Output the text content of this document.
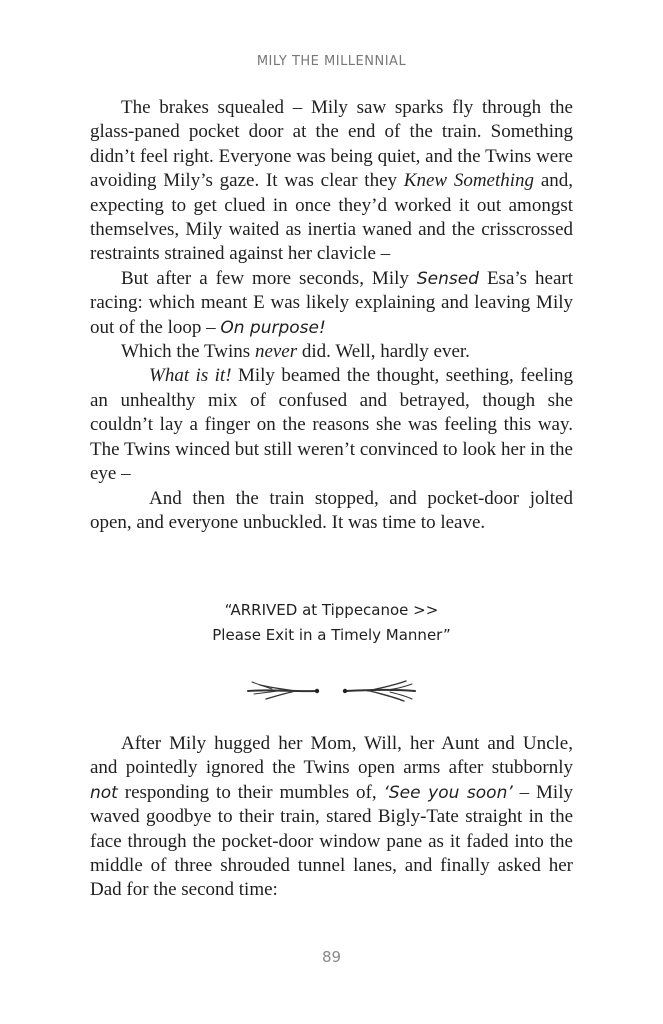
MILY THE MILLENNIAL

The brakes squealed – Mily saw sparks fly through the glass-paned pocket door at the end of the train. Something didn’t feel right. Everyone was being quiet, and the Twins were avoiding Mily’s gaze. It was clear they Knew Something and, expecting to get clued in once they’d worked it out amongst themselves, Mily waited as inertia waned and the crisscrossed restraints strained against her clavicle –

But after a few more seconds, Mily Sensed Esa’s heart racing: which meant E was likely explaining and leaving Mily out of the loop – On purpose!

Which the Twins never did. Well, hardly ever.

What is it! Mily beamed the thought, seething, feeling an unhealthy mix of confused and betrayed, though she couldn’t lay a finger on the reasons she was feeling this way. The Twins winced but still weren’t convinced to look her in the eye –

And then the train stopped, and pocket-door jolted open, and everyone unbuckled. It was time to leave.

“ARRIVED at Tippecanoe >>
Please Exit in a Timely Manner”

After Mily hugged her Mom, Will, her Aunt and Uncle, and pointedly ignored the Twins open arms after stubbornly not responding to their mumbles of, ‘See you soon’ – Mily waved goodbye to their train, stared Bigly-Tate straight in the face through the pocket-door window pane as it faded into the middle of three shrouded tunnel lanes, and finally asked her Dad for the second time:

89
